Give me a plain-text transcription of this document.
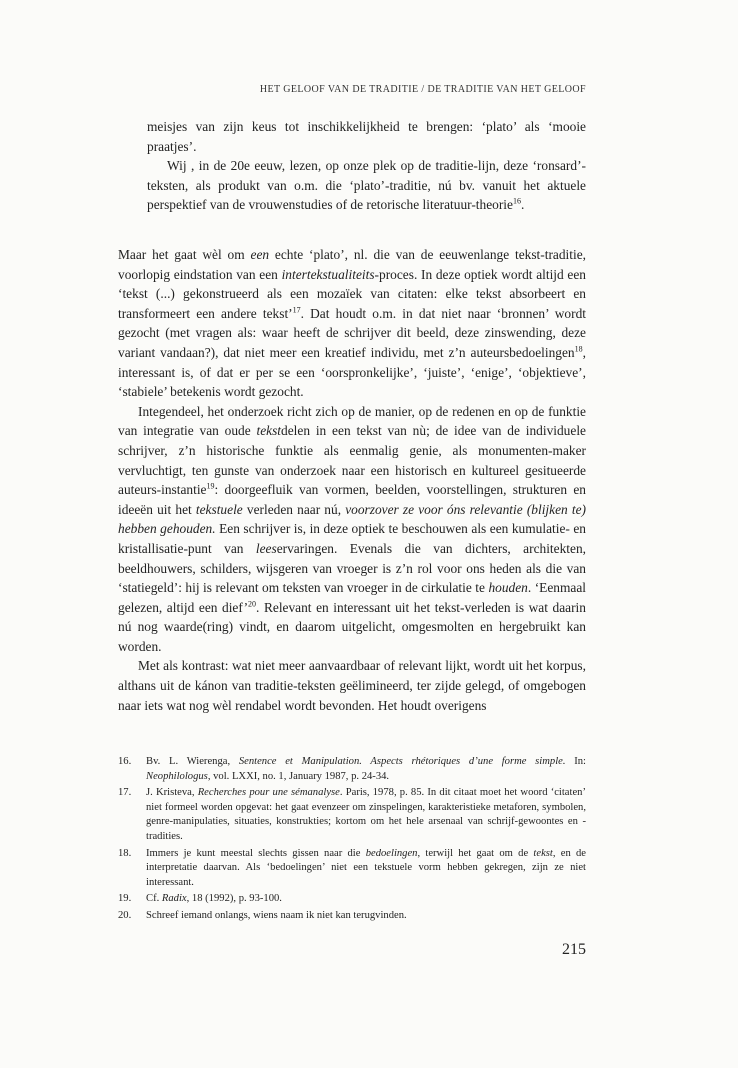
HET GELOOF VAN DE TRADITIE / DE TRADITIE VAN HET GELOOF

meisjes van zijn keus tot inschikkelijkheid te brengen: ‘plato’ als ‘mooie praatjes’.

Wij , in de 20e eeuw, lezen, op onze plek op de traditie-lijn, deze ‘ronsard’-teksten, als produkt van o.m. die ‘plato’-traditie, nú bv. vanuit het aktuele perspektief van de vrouwenstudies of de retorische literatuur-theorie$^{16}$.

Maar het gaat wèl om een echte ‘plato’, nl. die van de eeuwenlange tekst-traditie, voorlopig eindstation van een intertekstualiteits-proces. In deze optiek wordt altijd een ‘tekst (...) gekonstrueerd als een mozaïek van citaten: elke tekst absorbeert en transformeert een andere tekst’$^{17}$. Dat houdt o.m. in dat niet naar ‘bronnen’ wordt gezocht (met vragen als: waar heeft de schrijver dit beeld, deze zinswending, deze variant vandaan?), dat niet meer een kreatief individu, met z’n auteursbedoelingen$^{18}$, interessant is, of dat er per se een ‘oorspronkelijke’, ‘juiste’, ‘enige’, ‘objektieve’, ‘stabiele’ betekenis wordt gezocht.

Integendeel, het onderzoek richt zich op de manier, op de redenen en op de funktie van integratie van oude tekstdelen in een tekst van nù; de idee van de individuele schrijver, z’n historische funktie als eenmalig genie, als monumenten-maker vervluchtigt, ten gunste van onderzoek naar een historisch en kultureel gesitueerde auteurs-instantie$^{19}$: doorgeefluik van vormen, beelden, voorstellingen, strukturen en ideeën uit het tekstuele verleden naar nú, voorzover ze voor óns relevantie (blijken te) hebben gehouden. Een schrijver is, in deze optiek te beschouwen als een kumulatie- en kristallisatie-punt van leeservaringen. Evenals die van dichters, architekten, beeldhouwers, schilders, wijsgeren van vroeger is z’n rol voor ons heden als die van ‘statiegeld’: hij is relevant om teksten van vroeger in de cirkulatie te houden. ‘Eenmaal gelezen, altijd een dief’$^{20}$. Relevant en interessant uit het tekst-verleden is wat daarin nú nog waarde(ring) vindt, en daarom uitgelicht, omgesmolten en hergebruikt kan worden.

Met als kontrast: wat niet meer aanvaardbaar of relevant lijkt, wordt uit het korpus, althans uit de kánon van traditie-teksten geëlimineerd, ter zijde gelegd, of omgebogen naar iets wat nog wèl rendabel wordt bevonden. Het houdt overigens

16.	Bv. L. Wierenga, Sentence et Manipulation. Aspects rhétoriques d’une forme simple. In: Neophilologus, vol. LXXI, no. 1, January 1987, p. 24-34.
17.	J. Kristeva, Recherches pour une sémanalyse. Paris, 1978, p. 85. In dit citaat moet het woord ‘citaten’ niet formeel worden opgevat: het gaat evenzeer om zinspelingen, karakteristieke metaforen, symbolen, genre-manipulaties, situaties, konstrukties; kortom om het hele arsenaal van schrijf-gewoontes en -tradities.
18.	Immers je kunt meestal slechts gissen naar die bedoelingen, terwijl het gaat om de tekst, en de interpretatie daarvan. Als ‘bedoelingen’ niet een tekstuele vorm hebben gekregen, zijn ze niet interessant.
19.	Cf. Radix, 18 (1992), p. 93-100.
20.	Schreef iemand onlangs, wiens naam ik niet kan terugvinden.
215
